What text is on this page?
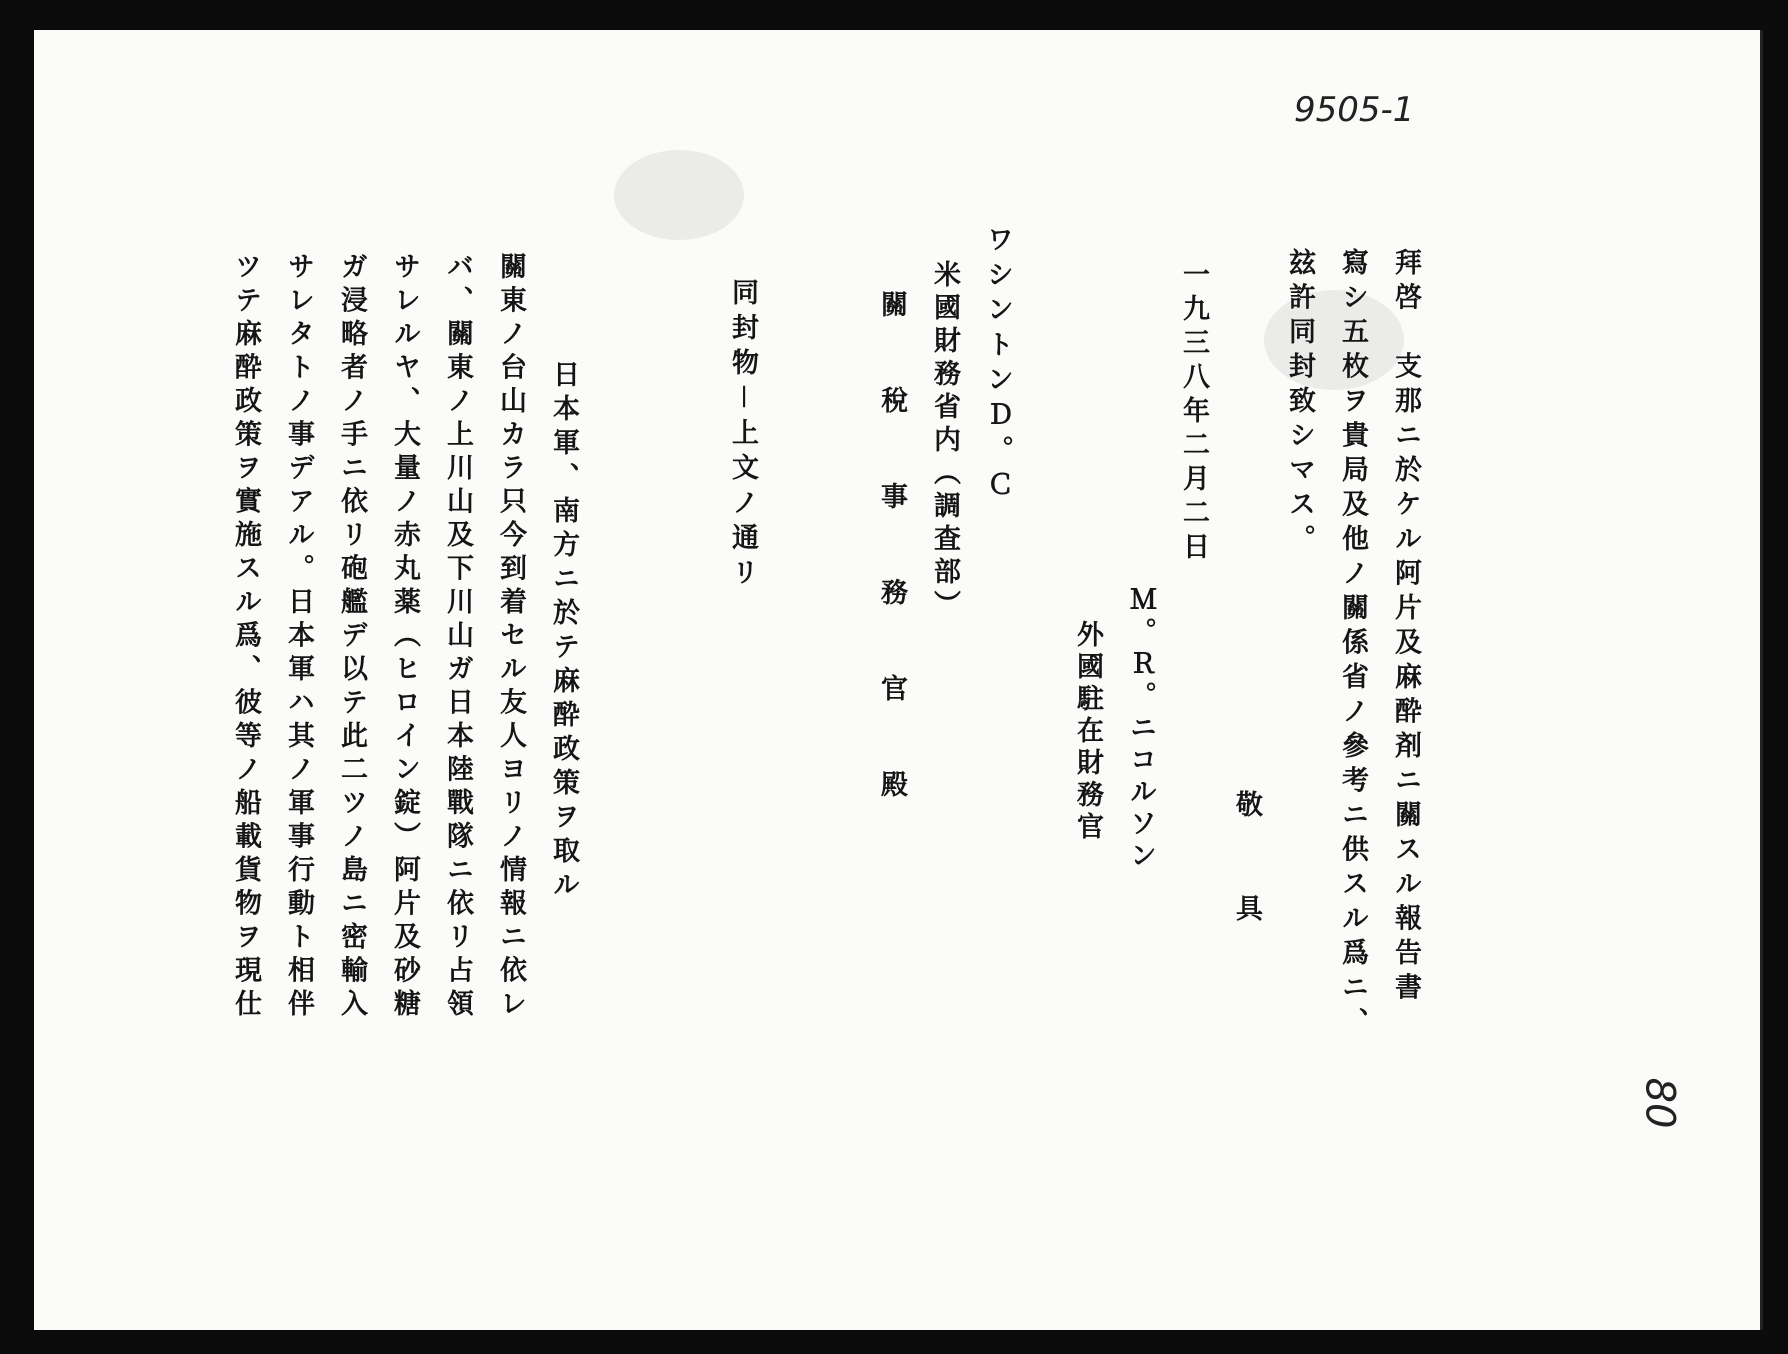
9505-1
80
拜啓　支那ニ於ケル阿片及麻酔剤ニ關スル報告書
寫シ五枚ヲ貴局及他ノ關係省ノ參考ニ供スル爲ニ、
玆許同封致シマス。
敬　具
一九三八年二月二日
Ｍ。Ｒ。ニコルソン
外國駐在財務官
ワシントンＤ。Ｃ
米國財務省内（調査部）
關　稅　事　務　官　殿
同封物－上文ノ通リ
日本軍、南方ニ於テ麻酔政策ヲ取ル
關東ノ台山カラ只今到着セル友人ヨリノ情報ニ依レ
バ、關東ノ上川山及下川山ガ日本陸戰隊ニ依リ占領
サレルヤ、大量ノ赤丸薬（ヒロイン錠）阿片及砂糖
ガ浸略者ノ手ニ依リ砲艦デ以テ此二ツノ島ニ密輸入
サレタトノ事デアル。日本軍ハ其ノ軍事行動ト相伴
ツテ麻酔政策ヲ實施スル爲、彼等ノ船載貨物ヲ現仕
